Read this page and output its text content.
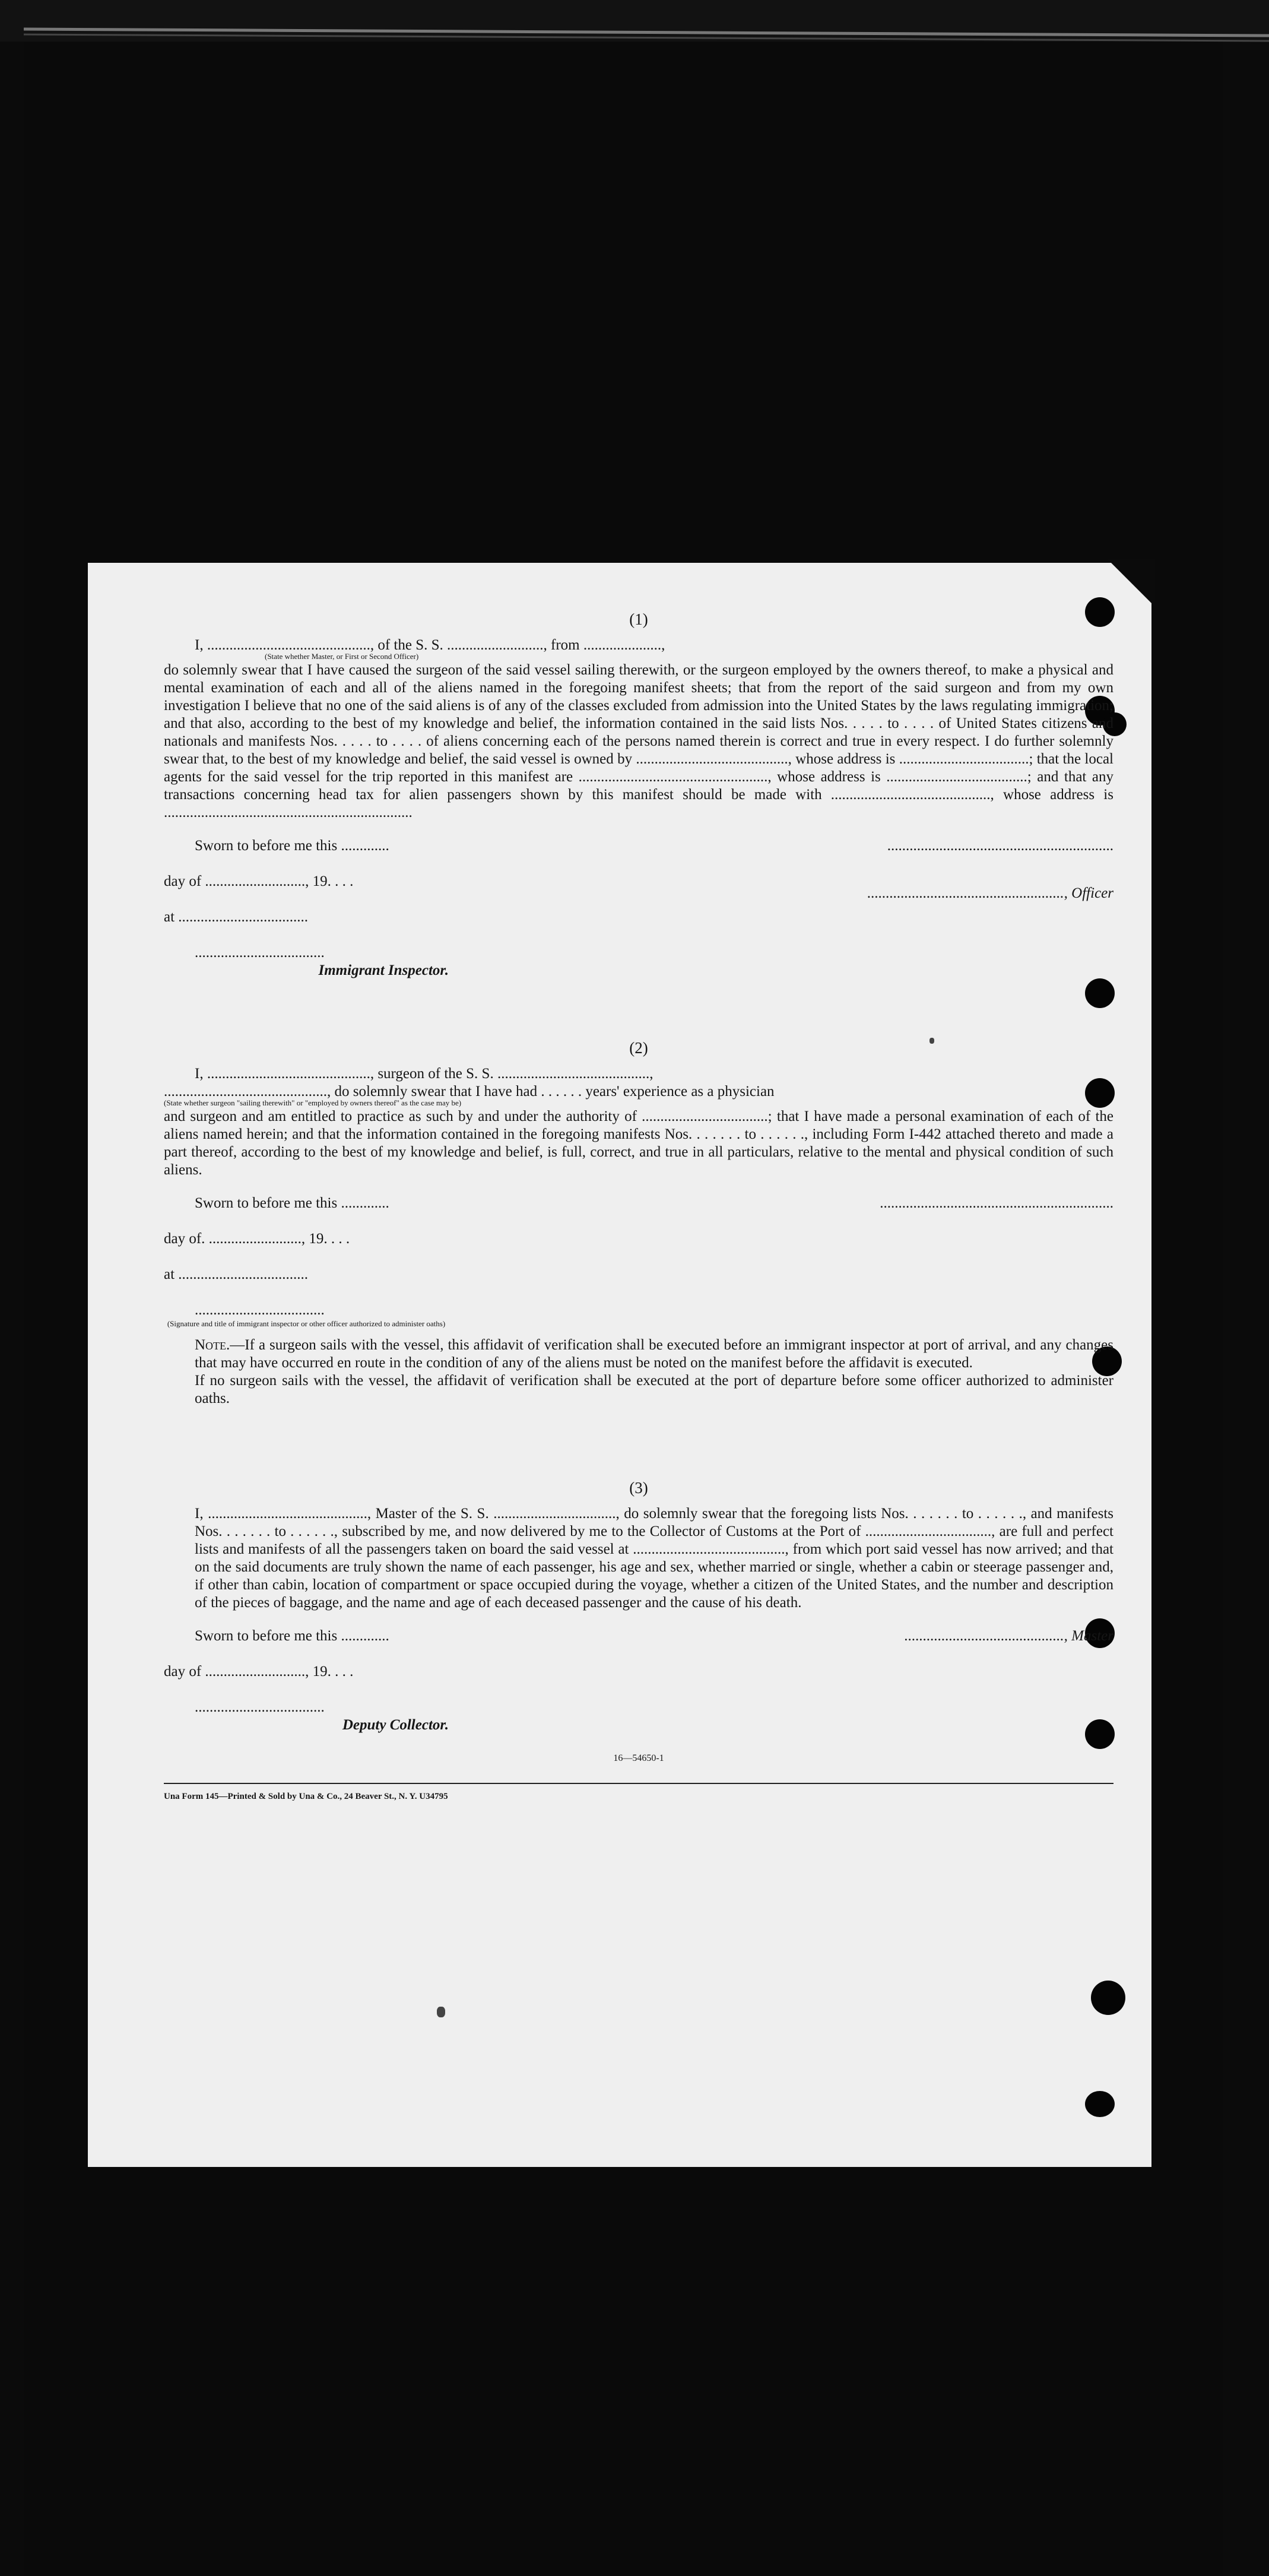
(1)
I, ............................................, of the S. S. .........................., from .....................,
(State whether Master, or First or Second Officer)

do solemnly swear that I have caused the surgeon of the said vessel sailing therewith, or the surgeon employed by the owners thereof, to make a physical and mental examination of each and all of the aliens named in the foregoing manifest sheets; that from the report of the said surgeon and from my own investigation I believe that no one of the said aliens is of any of the classes excluded from admission into the United States by the laws regulating immigration; and that also, according to the best of my knowledge and belief, the information contained in the said lists Nos. . . . . to . . . . of United States citizens and nationals and manifests Nos. . . . . to . . . . of aliens concerning each of the persons named therein is correct and true in every respect. I do further solemnly swear that, to the best of my knowledge and belief, the said vessel is owned by ........................................., whose address is ...................................; that the local agents for the said vessel for the trip reported in this manifest are ..................................................., whose address is ......................................; and that any transactions concerning head tax for alien passengers shown by this manifest should be made with ..........................................., whose address is ...................................................................

Sworn to before me this .............
day of ..........................., 19. . . .
at ...................................
...................................
Immigrant Inspector.
.............................................................
....................................................., Officer
(2)
I, ............................................, surgeon of the S. S. .........................................,
............................................, do solemnly swear that I have had . . . . . . years' experience as a physician
(State whether surgeon "sailing therewith" or "employed by owners thereof" as the case may be)

and surgeon and am entitled to practice as such by and under the authority of ..................................; that I have made a personal examination of each of the aliens named herein; and that the information contained in the foregoing manifests Nos. . . . . . . to . . . . . ., including Form I-442 attached thereto and made a part thereof, according to the best of my knowledge and belief, is full, correct, and true in all particulars, relative to the mental and physical condition of such aliens.

Sworn to before me this .............
day of. ........................., 19. . . .
at ...................................
...................................
(Signature and title of immigrant inspector or other officer authorized to administer oaths)
...............................................................

Note.—If a surgeon sails with the vessel, this affidavit of verification shall be executed before an immigrant inspector at port of arrival, and any changes that may have occurred en route in the condition of any of the aliens must be noted on the manifest before the affidavit is executed.

If no surgeon sails with the vessel, the affidavit of verification shall be executed at the port of departure before some officer authorized to administer oaths.

(3)

I, ..........................................., Master of the S. S. ................................., do solemnly swear that the foregoing lists Nos. . . . . . . to . . . . . ., and manifests Nos. . . . . . . to . . . . . ., subscribed by me, and now delivered by me to the Collector of Customs at the Port of .................................., are full and perfect lists and manifests of all the passengers taken on board the said vessel at ........................................., from which port said vessel has now arrived; and that on the said documents are truly shown the name of each passenger, his age and sex, whether married or single, whether a cabin or steerage passenger and, if other than cabin, location of compartment or space occupied during the voyage, whether a citizen of the United States, and the number and description of the pieces of baggage, and the name and age of each deceased passenger and the cause of his death.

Sworn to before me this .............
day of ..........................., 19. . . .
...................................
Deputy Collector.
..........................................., Master
16—54650-1
Una Form 145—Printed & Sold by Una & Co., 24 Beaver St., N. Y. U34795
